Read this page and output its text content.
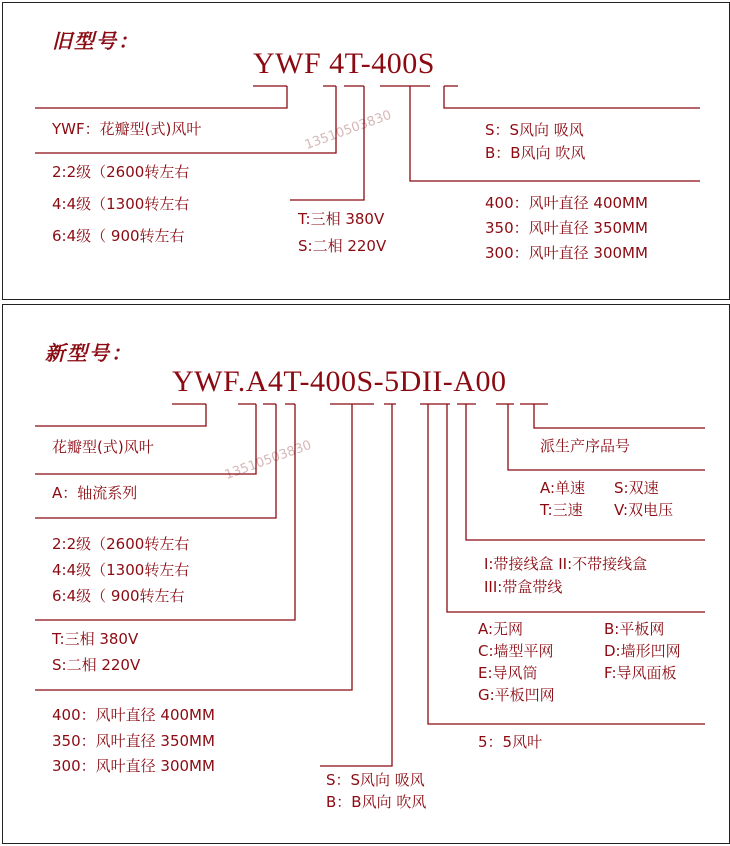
13510503830
13510503830
旧型号：
YWF 4T-400S
YWF：花瓣型(式)风叶
2:2级（2600转左右
4:4级（1300转左右
6:4级（ 900转左右
T:三相 380V
S:二相 220V
S：S风向 吸风
B：B风向 吹风
400：风叶直径 400MM
350：风叶直径 350MM
300：风叶直径 300MM
新型号：
YWF.A4T-400S-5DII-A00
花瓣型(式)风叶
A：轴流系列
2:2级（2600转左右
4:4级（1300转左右
6:4级（ 900转左右
T:三相 380V
S:二相 220V
400：风叶直径 400MM
350：风叶直径 350MM
300：风叶直径 300MM
S：S风向 吸风
B：B风向 吹风
5：5风叶
A:无网	B:平板网
C:墙型平网	D:墙形凹网
E:导风筒	F:导风面板
G:平板凹网
I:带接线盒 II:不带接线盒
III:带盒带线
A:单速 S:双速
T:三速 V:双电压
派生产序品号
